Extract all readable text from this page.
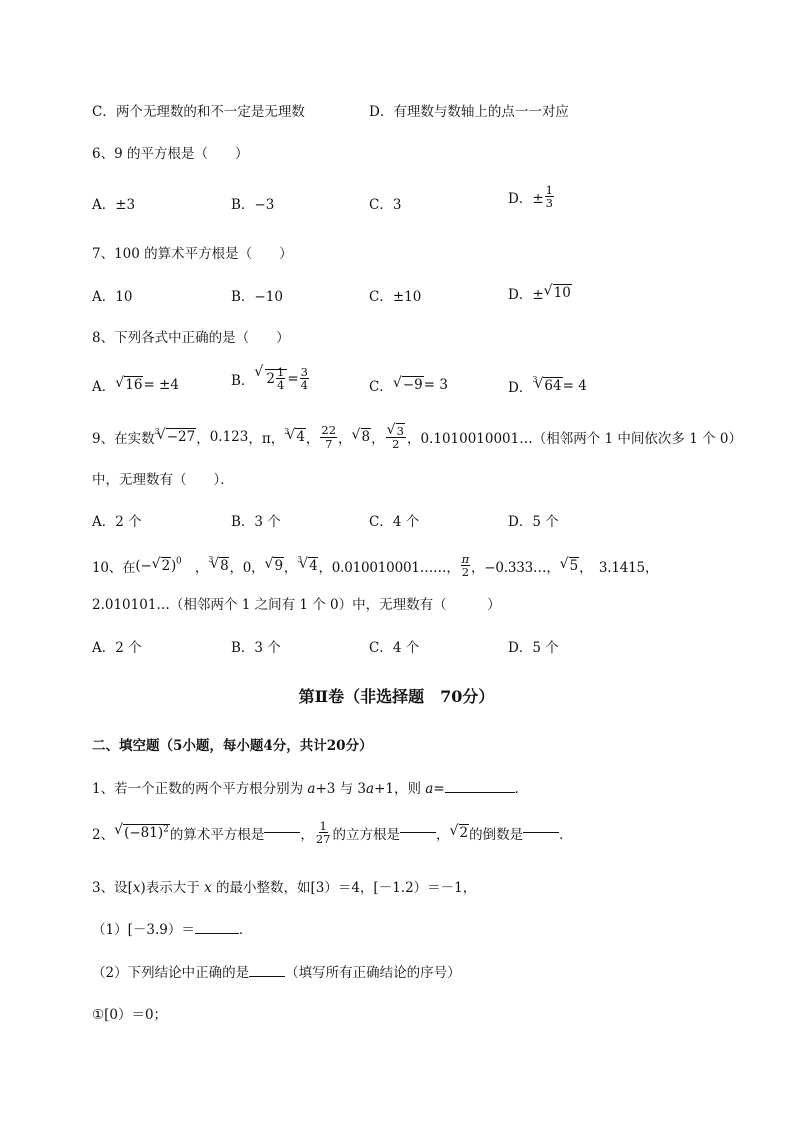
C．两个无理数的和不一定是无理数	D．有理数与数轴上的点一一对应
6、9 的平方根是（　　）
A．±3	B．−3	C．3	D．± $\frac{1}{3}$
7、100 的算术平方根是（　　）
A．10	B．−10	C．±10	D．± √ 10
8、下列各式中正确的是（　　）
A． √ 16= ±4	B． √ $2 \frac{1}{4} = \frac{3}{4}$	C． √ −9= 3	D．$^3$ √ 64= 4
9、在实数$^3$ √ −27，0.123，π，$^3$ √ 4， $\frac{22}{7}$ ， √ 8， √ $\frac{3}{2}$ ，0.1010010001…（相邻两个 1 中间依次多 1 个 0）
中，无理数有（　　）．
A．2 个	B．3 个	C．4 个	D．5 个
10、在(− √ 2)$^0$　，$^3$ √ 8，0， √ 9，$^3$ √ 4，0.010010001……， $\frac{\pi}{2}$ ，−0.333…， √ 5，　3.1415，
2.010101…（相邻两个 1 之间有 1 个 0）中，无理数有（　　　）
A．2 个	B．3 个	C．4 个	D．5 个
第Ⅱ卷（非选择题　70分）
二、填空题（5小题，每小题4分，共计20分）
1、若一个正数的两个平方根分别为 a+3 与 3a+1，则 a=	．
2、 √ $(-81)^2$的算术平方根是	， $\frac{1}{27}$ 的立方根是	， √ 2的倒数是	．
3、设[x)表示大于 x 的最小整数，如[3）＝4，[－1.2）＝－1，
（1）[－3.9）＝	．
（2）下列结论中正确的是	（填写所有正确结论的序号）
①[0）＝0；
